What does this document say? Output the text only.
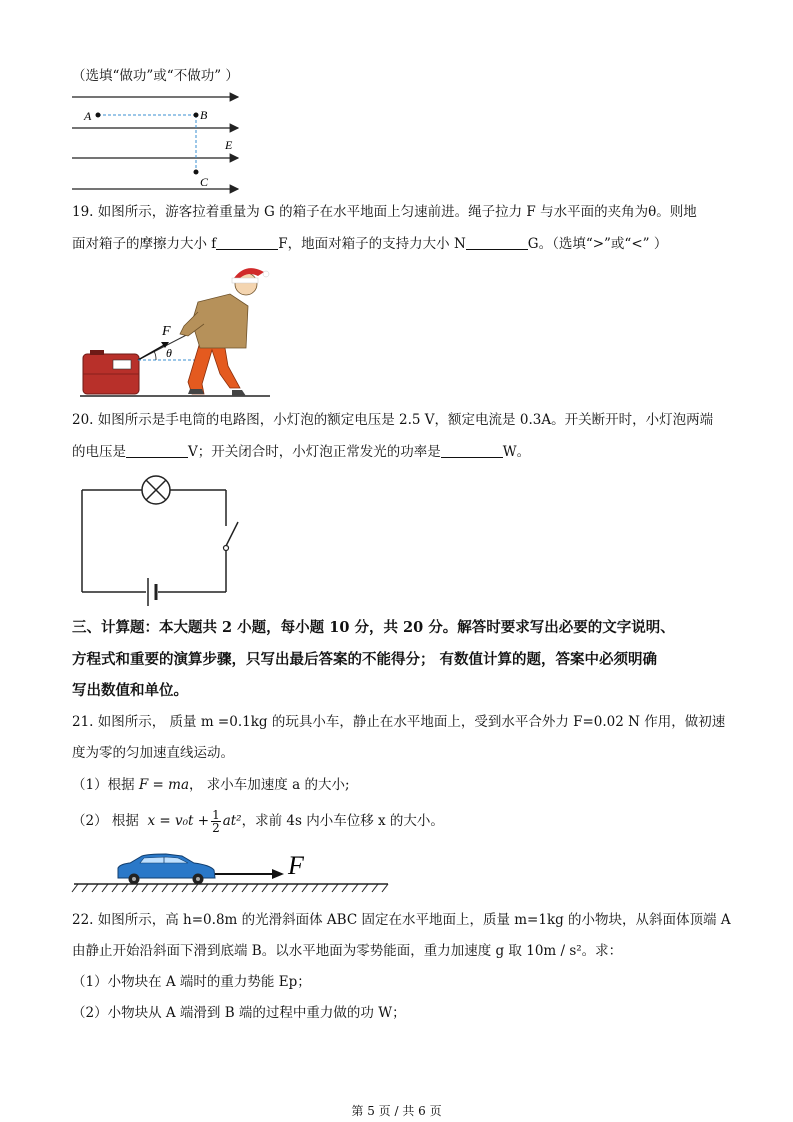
（选填“做功”或“不做功” ）
A	B
C
E
19. 如图所示，游客拉着重量为 G 的箱子在水平地面上匀速前进。绳子拉力 F 与水平面的夹角为θ。则地
面对箱子的摩擦力大小 f	F，地面对箱子的支持力大小 N	G。（选填“>”或“<” ）
F
θ
20. 如图所示是手电筒的电路图，小灯泡的额定电压是 2.5 V，额定电流是 0.3A。开关断开时，小灯泡两端
的电压是	V；开关闭合时，小灯泡正常发光的功率是	W。
三、计算题：本大题共 2 小题，每小题 10 分，共 20 分。解答时要求写出必要的文字说明、
方程式和重要的演算步骤，只写出最后答案的不能得分； 有数值计算的题，答案中必须明确
写出数值和单位。
21. 如图所示， 质量 m =0.1kg 的玩具小车，静止在水平地面上，受到水平合外力 F=0.02 N 作用，做初速
度为零的匀加速直线运动。
（1）根据 F = ma， 求小车加速度 a 的大小;
（2） 根据 $x = v_0t + \frac{1}{2} at^2$，求前 4s 内小车位移 x 的大小。
F
22. 如图所示，高 h=0.8m 的光滑斜面体 ABC 固定在水平地面上，质量 m=1kg 的小物块，从斜面体顶端 A
由静止开始沿斜面下滑到底端 B。以水平地面为零势能面，重力加速度 g 取 10m / s²。求：
（1）小物块在 A 端时的重力势能 Ep；
（2）小物块从 A 端滑到 B 端的过程中重力做的功 W；
第 5 页 / 共 6 页
